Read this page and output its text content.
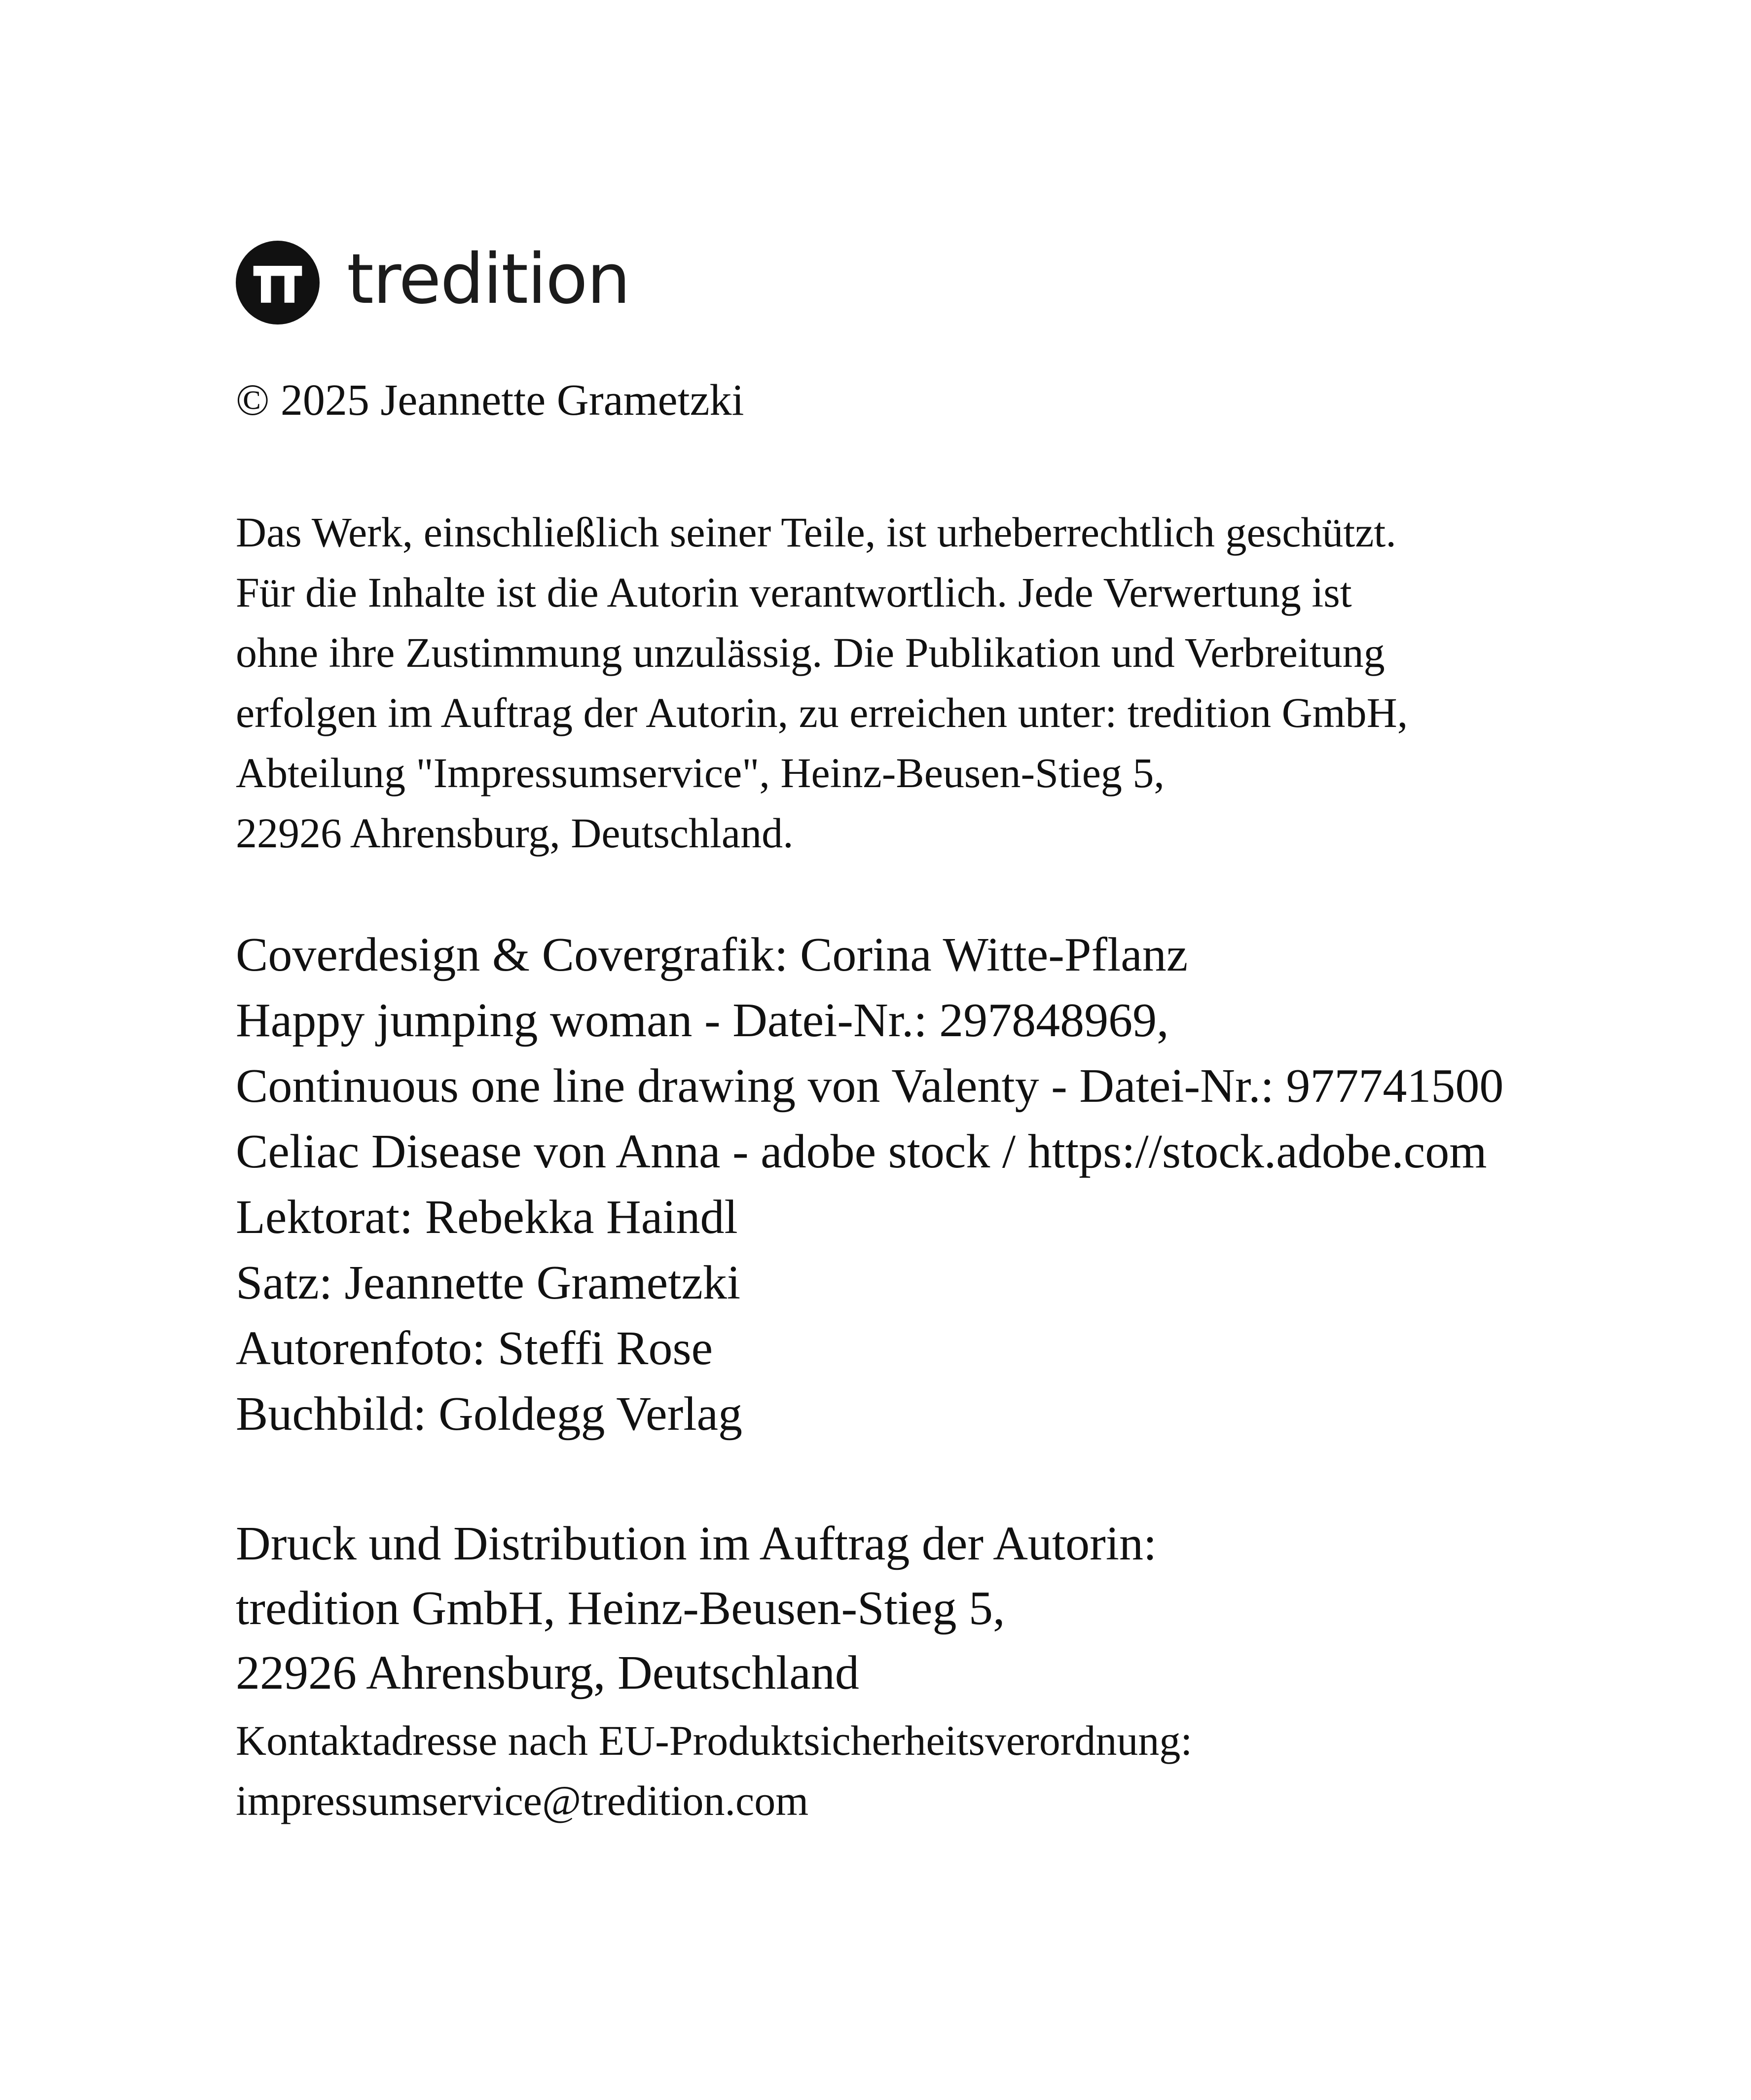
tredition
© 2025 Jeannette Grametzki
Das Werk, einschließlich seiner Teile, ist urheberrechtlich geschützt.
Für die Inhalte ist die Autorin verantwortlich. Jede Verwertung ist
ohne ihre Zustimmung unzulässig. Die Publikation und Verbreitung
erfolgen im Auftrag der Autorin, zu erreichen unter: tredition GmbH,
Abteilung "Impressumservice", Heinz-Beusen-Stieg 5,
22926 Ahrensburg, Deutschland.
Coverdesign & Covergrafik: Corina Witte-Pflanz
Happy jumping woman - Datei-Nr.: 297848969,
Continuous one line drawing von Valenty - Datei-Nr.: 977741500
Celiac Disease von Anna - adobe stock / https://stock.adobe.com
Lektorat: Rebekka Haindl
Satz: Jeannette Grametzki
Autorenfoto: Steffi Rose
Buchbild: Goldegg Verlag
Druck und Distribution im Auftrag der Autorin:
tredition GmbH, Heinz-Beusen-Stieg 5,
22926 Ahrensburg, Deutschland
Kontaktadresse nach EU-Produktsicherheitsverordnung:
impressumservice@tredition.com
